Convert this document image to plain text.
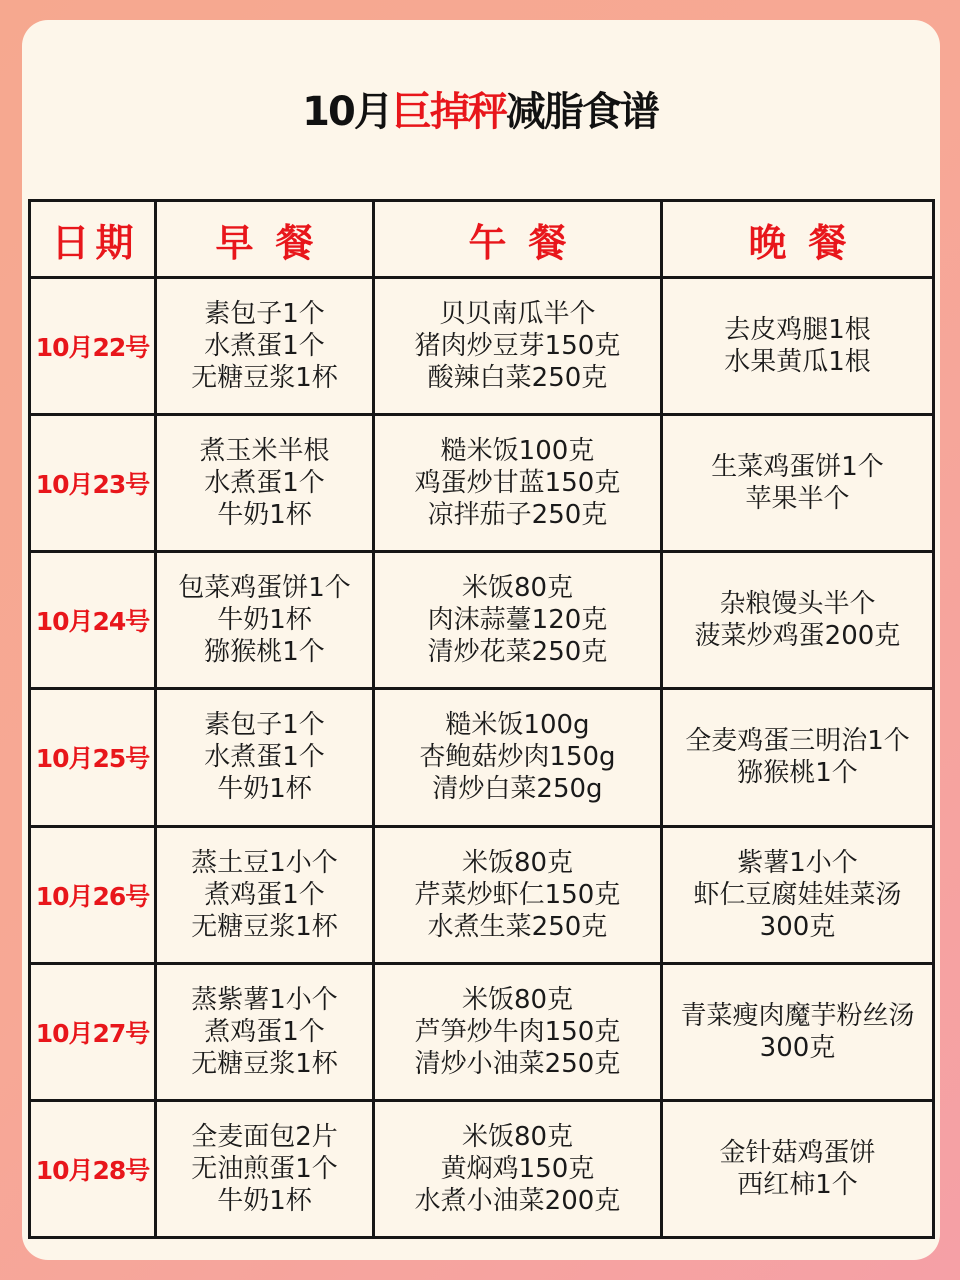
10月巨掉秤减脂食谱
日期	早餐	午餐	晚餐
10月22号	素包子1个
水煮蛋1个
无糖豆浆1杯	贝贝南瓜半个
猪肉炒豆芽150克
酸辣白菜250克	去皮鸡腿1根
水果黄瓜1根

10月23号	煮玉米半根
水煮蛋1个
牛奶1杯	糙米饭100克
鸡蛋炒甘蓝150克
凉拌茄子250克	生菜鸡蛋饼1个
苹果半个

10月24号	包菜鸡蛋饼1个
牛奶1杯
猕猴桃1个	米饭80克
肉沫蒜薹120克
清炒花菜250克	杂粮馒头半个
菠菜炒鸡蛋200克

10月25号	素包子1个
水煮蛋1个
牛奶1杯	糙米饭100g
杏鲍菇炒肉150g
清炒白菜250g	全麦鸡蛋三明治1个
猕猴桃1个

10月26号	蒸土豆1小个
煮鸡蛋1个
无糖豆浆1杯	米饭80克
芹菜炒虾仁150克
水煮生菜250克	紫薯1小个
虾仁豆腐娃娃菜汤
300克

10月27号	蒸紫薯1小个
煮鸡蛋1个
无糖豆浆1杯	米饭80克
芦笋炒牛肉150克
清炒小油菜250克	青菜瘦肉魔芋粉丝汤
300克

10月28号	全麦面包2片
无油煎蛋1个
牛奶1杯	米饭80克
黄焖鸡150克
水煮小油菜200克	金针菇鸡蛋饼
西红柿1个
